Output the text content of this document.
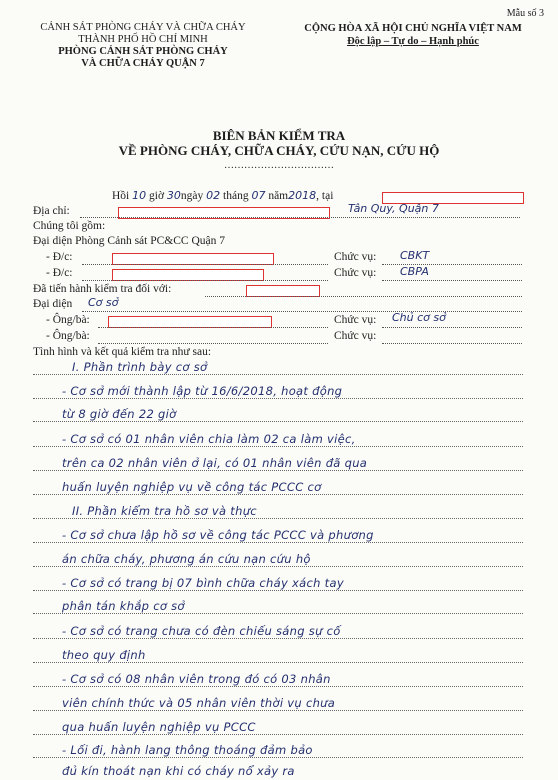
Mẫu số 3
CẢNH SÁT PHÒNG CHÁY VÀ CHỮA CHÁY
THÀNH PHỐ HỒ CHÍ MINH
PHÒNG CẢNH SÁT PHÒNG CHÁY
VÀ CHỮA CHÁY QUẬN 7
CỘNG HÒA XÃ HỘI CHỦ NGHĨA VIỆT NAM
Độc lập – Tự do – Hạnh phúc
BIÊN BẢN KIỂM TRA
VỀ PHÒNG CHÁY, CHỮA CHÁY, CỨU NẠN, CỨU HỘ
……………………………
Hồi 10 giờ 30ngày 02 tháng 07 năm2018, tại
Địa chỉ:	Tân Quy, Quận 7
Chúng tôi gồm:
Đại diện Phòng Cảnh sát PC&CC Quận 7
- Đ/c:	Chức vụ: CBKT
- Đ/c:	Chức vụ: CBPA
Đã tiến hành kiểm tra đối với:
Đại diện Cơ sở
- Ông/bà:	Chức vụ: Chủ cơ sở
- Ông/bà:	Chức vụ:
Tình hình và kết quả kiểm tra như sau:
I. Phần trình bày cơ sở
- Cơ sở mới thành lập từ 16/6/2018, hoạt động
từ 8 giờ đến 22 giờ
- Cơ sở có 01 nhân viên chia làm 02 ca làm việc,
trên ca 02 nhân viên ở lại, có 01 nhân viên đã qua
huấn luyện nghiệp vụ về công tác PCCC cơ
II. Phần kiểm tra hồ sơ và thực
- Cơ sở chưa lập hồ sơ về công tác PCCC và phương
án chữa cháy, phương án cứu nạn cứu hộ
- Cơ sở có trang bị 07 bình chữa cháy xách tay
phân tán khắp cơ sở
- Cơ sở có trang chưa có đèn chiếu sáng sự cố
theo quy định
- Cơ sở có 08 nhân viên trong đó có 03 nhân
viên chính thức và 05 nhân viên thời vụ chưa
qua huấn luyện nghiệp vụ PCCC
- Lối đi, hành lang thông thoáng đảm bảo
đủ kín thoát nạn khi có cháy nổ xảy ra
